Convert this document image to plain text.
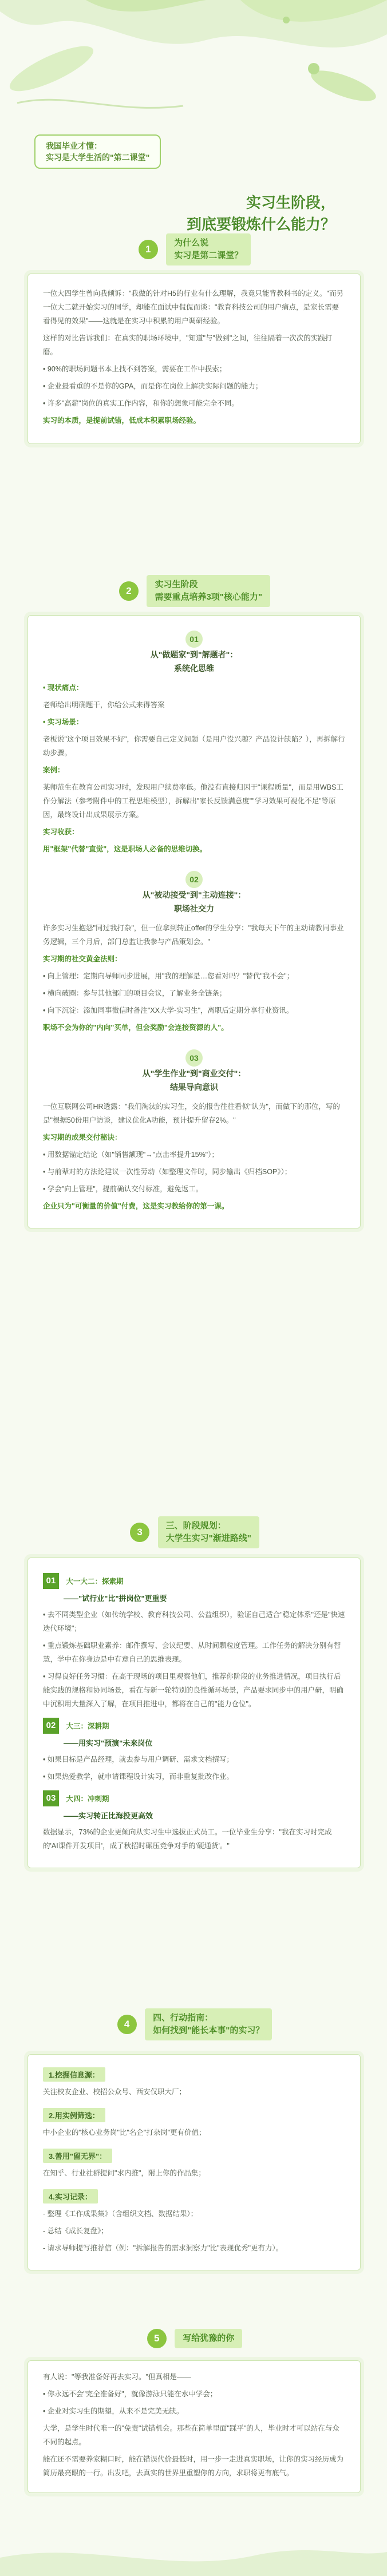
我国毕业才懂：
实习是大学生活的"第二课堂"
实习生阶段，
到底要锻炼什么能力？
1
为什么说
实习是第二课堂？

一位大四学生曾向我倾诉："我做的针对H5的行业有什么理解，我竟只能背教科书的定义。"而另一位大二就开始实习的同学，却能在面试中侃侃而谈："教育科技公司的用户痛点，是家长需要看得见的效果"——这就是在实习中积累的用户调研经验。

这样的对比告诉我们：在真实的职场环境中，"知道"与"做到"之间，往往隔着一次次的实践打磨。

• 90%的职场问题书本上找不到答案，需要在工作中摸索；

• 企业最看重的不是你的GPA，而是你在岗位上解决实际问题的能力；

• 许多"高薪"岗位的真实工作内容，和你的想象可能完全不同。

实习的本质，是提前试错，低成本积累职场经验。

2
实习生阶段
需要重点培养3项"核心能力"
01
从"做题家"到"解题者"：
系统化思维

• 现状痛点：

老师给出明确题干，你给公式来得答案

• 实习场景：

老板说"这个项目效果不好"，你需要自己定义问题（是用户没兴趣？产品设计缺陷？），再拆解行动步骤。

案例：

某师范生在教育公司实习时，发现用户续费率低。他没有直接归因于"课程质量"，而是用WBS工作分解法（参考附件中的工程思维模型），拆解出"家长反馈满意度""学习效果可视化不足"等原因，最终设计出成果展示方案。

实习收获：

用"框架"代替"直觉"，这是职场人必备的思维切换。

02
从"被动接受"到"主动连接"：
职场社交力

许多实习生抱怨"同过我打杂"，但一位拿到转正offer的学生分享："我每天下午的主动请教同事业务逻辑，三个月后，部门总监让我参与产品策划会。"

实习期的社交黄金法则：

• 向上管理：定期向导师同步进展，用"我的理解是…您看对吗？"替代"我不会"；

• 横向破圈：参与其他部门的项目会议，了解业务全链条；

• 向下沉淀：添加同事微信时备注"XX大学-实习生"，离职后定期分享行业资讯。

职场不会为你的"内向"买单，但会奖励"会连接资源的人"。

03
从"学生作业"到"商业交付"：
结果导向意识

一位互联网公司HR透露："我们淘汰的实习生，交的报告往往看似"认为"，而做下的那位，写的是"根据50份用户访谈，建议优化A功能，预计提升留存2%。"

实习期的成果交付秘诀：

• 用数据锚定结论（如"销售额现"→"点击率提升15%"）；

• 与前辈对的方法论建议一次性劳动（如整理文件时，同步输出《归档SOP》）；

• 学会"向上管理"，提前确认交付标准，避免返工。

企业只为"可衡量的价值"付费，这是实习教给你的第一课。

3
三、阶段规划：
大学生实习"渐进路线"
01 大一大二：探索期
——"试行业"比"拼岗位"更重要

• 去不同类型企业（如传统学校、教育科技公司、公益组织），验证自己适合"稳定体系"还是"快速迭代环境"；

• 重点锻炼基础职业素养：邮件撰写、会议纪要、从时间颗粒度管理。工作任务的解决分别有智慧，学中在你身边是中有意自己的思维表现。

• 习得良好任务习惯：在高于现场的项目里观察他们，推荐你阶段的业务推进情况，项目执行后能实践的规格和协同场景，看在与新一轮特别的良性循环场景，产品要求同步中的用户研，明确中沉积用大量深入了解，在项目推进中，都将在自己的"能力仓位"。

02 大三：深耕期
——用实习"预演"未来岗位

• 如果目标是产品经理，就去参与用户调研、需求文档撰写；

• 如果热爱教学，就申请课程设计实习，而非重复批改作业。

03 大四：冲刺期
——实习转正比海投更高效

数据显示，73%的企业更倾向从实习生中选拔正式员工。一位毕业生分享："我在实习时完成的'AI课件开发项目'，成了秋招时碾压竞争对手的'硬通货'。"

4
四、行动指南：
如何找到"能长本事"的实习？
1.挖掘信息源：

关注校友企业、校招公众号、西安仅职大厂；

2.用实例筛选：

中小企业的"核心业务岗"比"名企"打杂岗"更有价值；

3.善用"留无界"：

在知乎、行业社群提问"求内推"，附上你的作品集；

4.实习记录：

- 整理《工作成果集》（含组织文档、数据结果）；

- 总结《成长复盘》；

- 请求导师提写推荐信（例："拆解报告的需求洞察力"比"表现优秀"更有力）。

5	写给犹豫的你

有人说："等我准备好再去实习。"但真相是——

• 你永远不会"完全准备好"，就像游泳只能在水中学会；

• 企业对实习生的期望，从来不是完美无缺。

大学，是学生时代唯一的"免责"试错机会。那些在简单里面"踩平"的人，毕业时才可以站在与众不同的起点。

能在还不需要养家糊口时，能在错误代价最低时，用一步一走进真实职场，让你的实习经历成为简历最亮眼的一行。出发吧，去真实的世界里重塑你的方向，求职将更有底气。
